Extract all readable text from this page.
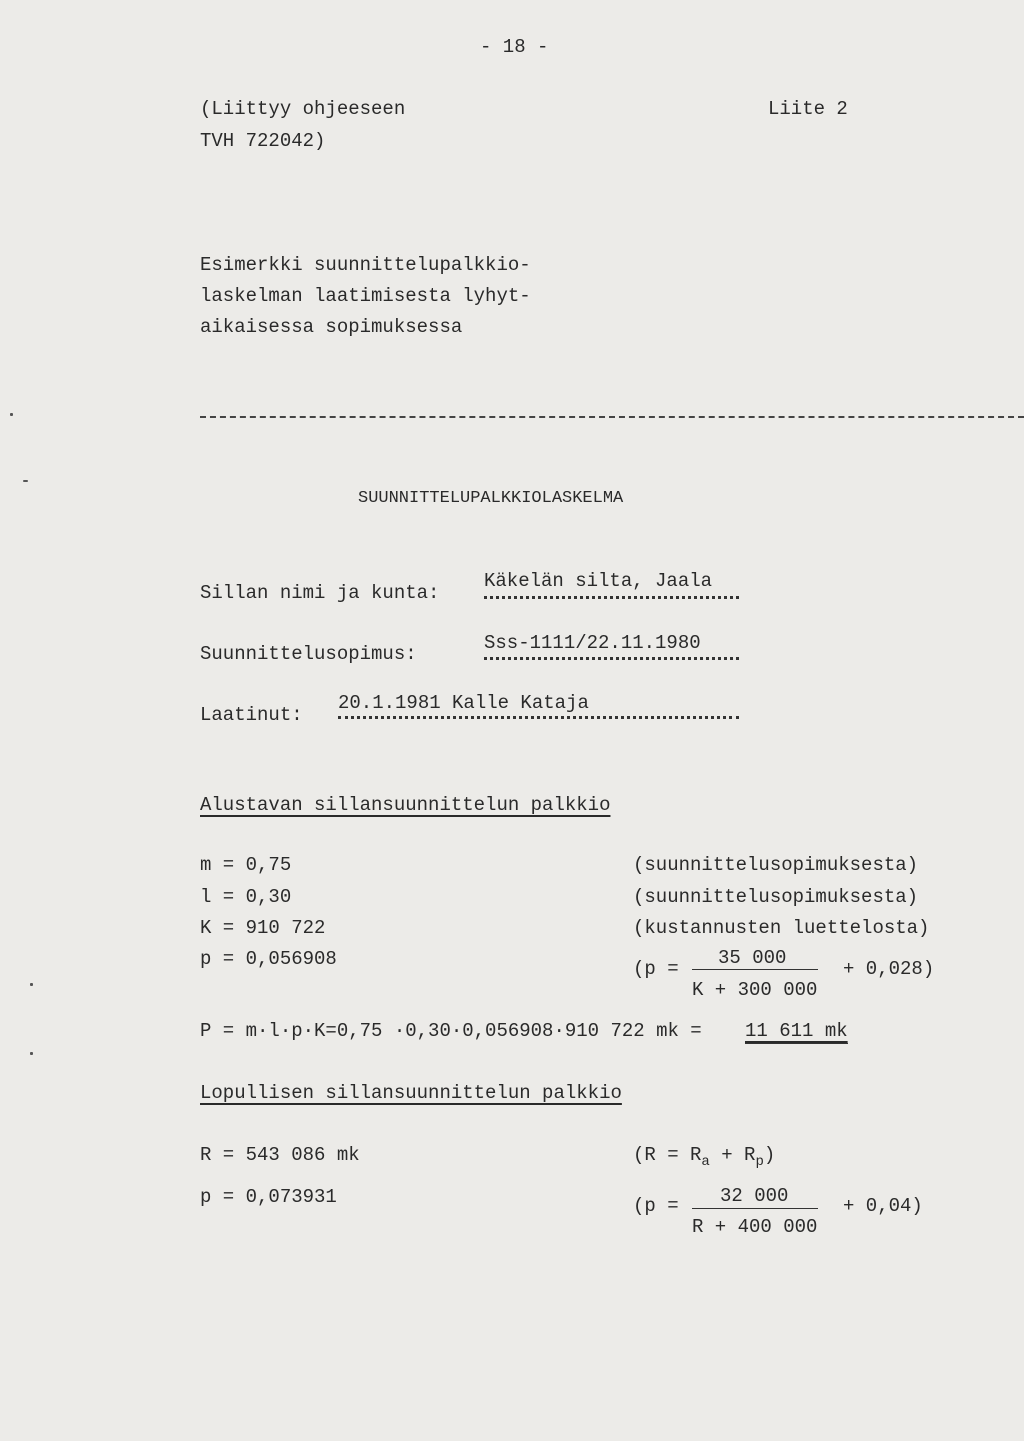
- 18 -
(Liittyy ohjeeseen
TVH 722042)
Liite 2
Esimerkki suunnittelupalkkio-
laskelman laatimisesta lyhyt-
aikaisessa sopimuksessa
SUUNNITTELUPALKKIOLASKELMA
Sillan nimi ja kunta:
Käkelän silta, Jaala
Suunnittelusopimus:	Sss-1111/22.11.1980
Laatinut:
20.1.1981 Kalle Kataja
Alustavan sillansuunnittelun palkkio
m = 0,75	(suunnittelusopimuksesta)
l = 0,30	(suunnittelusopimuksesta)
K = 910 722	(kustannusten luettelosta)
p = 0,056908	(p = 35 000
K + 300 000
+ 0,028)
P = m·l·p·K=0,75 ·0,30·0,056908·910 722 mk = 11 611 mk
Lopullisen sillansuunnittelun palkkio
R = 543 086 mk	$(R = R_a + R_p)$
p = 0,073931	(p = 32 000
R + 400 000
+ 0,04)
